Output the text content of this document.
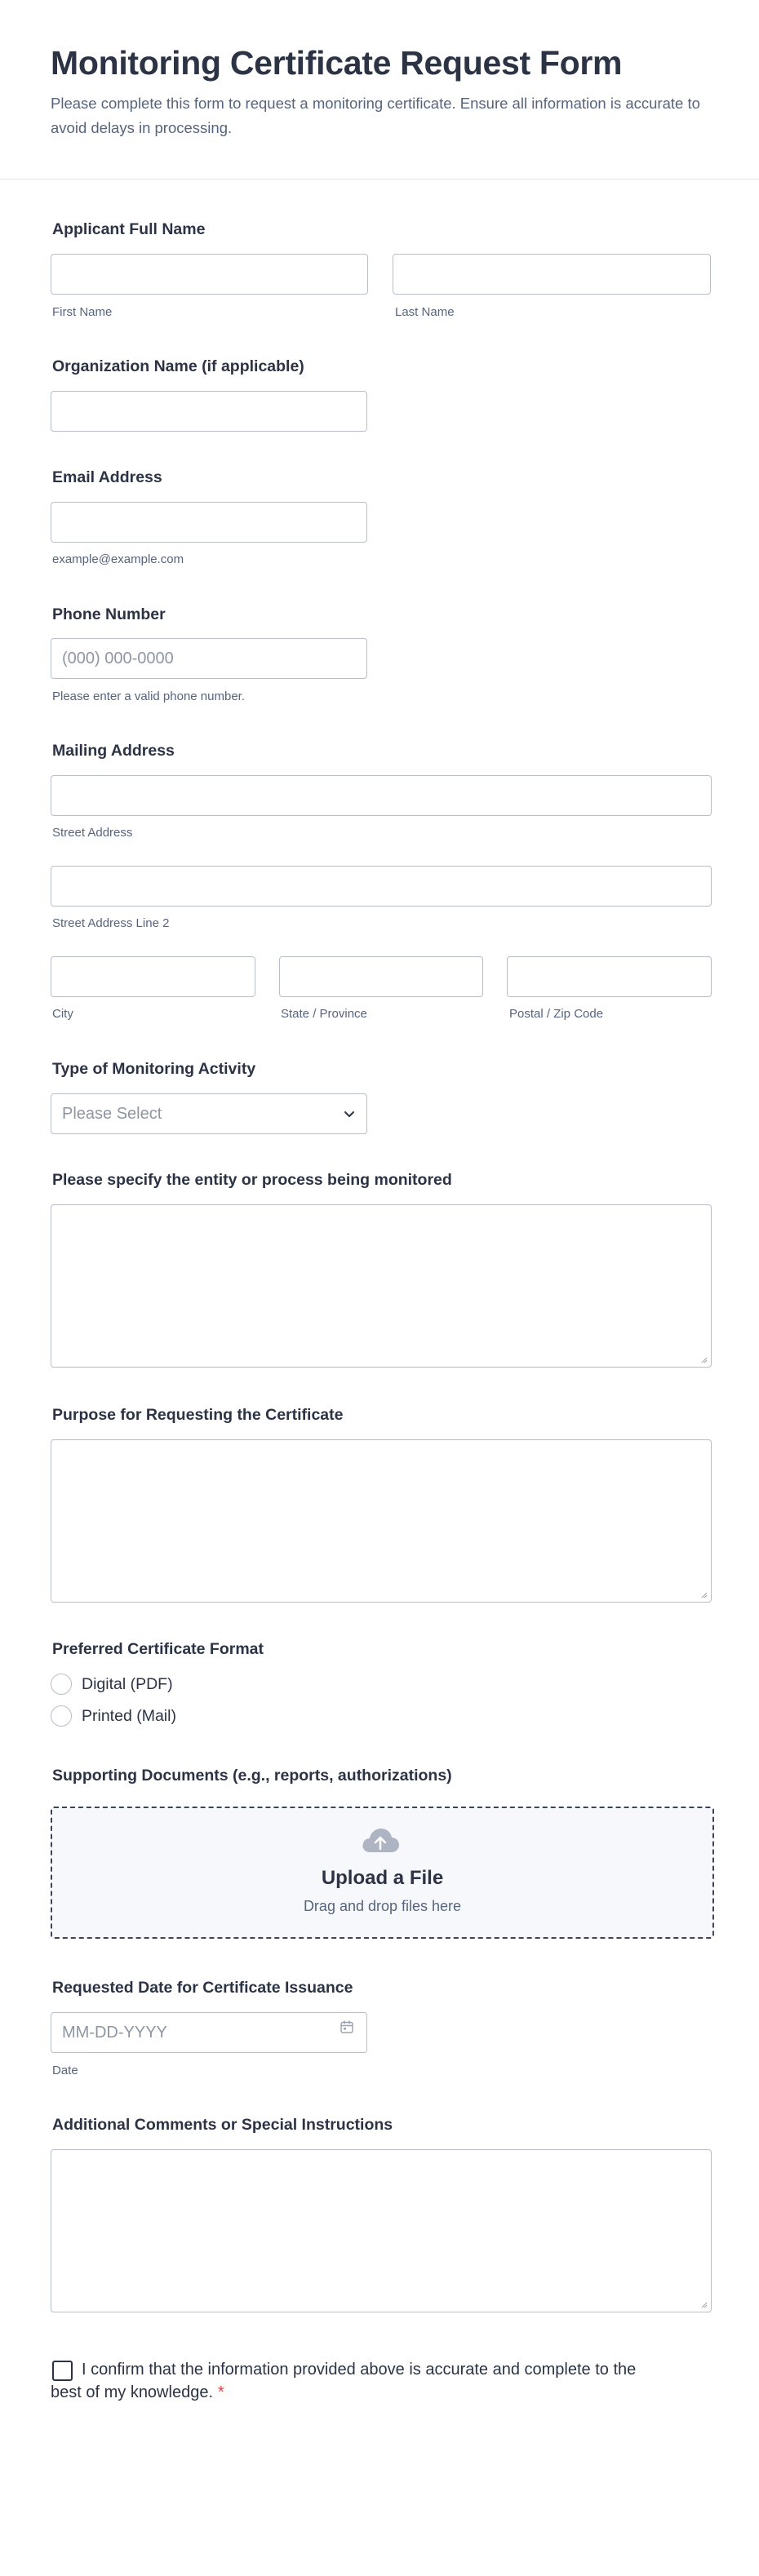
Monitoring Certificate Request Form
Please complete this form to request a monitoring certificate. Ensure all information is accurate to avoid delays in processing.
Applicant Full Name
First Name	Last Name
Organization Name (if applicable)
Email Address
example@example.com
Phone Number
(000) 000-0000
Please enter a valid phone number.
Mailing Address
Street Address
Street Address Line 2
City	State / Province	Postal / Zip Code
Type of Monitoring Activity
Please Select
Please specify the entity or process being monitored
Purpose for Requesting the Certificate
Preferred Certificate Format
Digital (PDF)
Printed (Mail)
Supporting Documents (e.g., reports, authorizations)
Upload a File
Drag and drop files here
Requested Date for Certificate Issuance
MM-DD-YYYY
Date
Additional Comments or Special Instructions
I confirm that the information provided above is accurate and complete to the best of my knowledge. *
